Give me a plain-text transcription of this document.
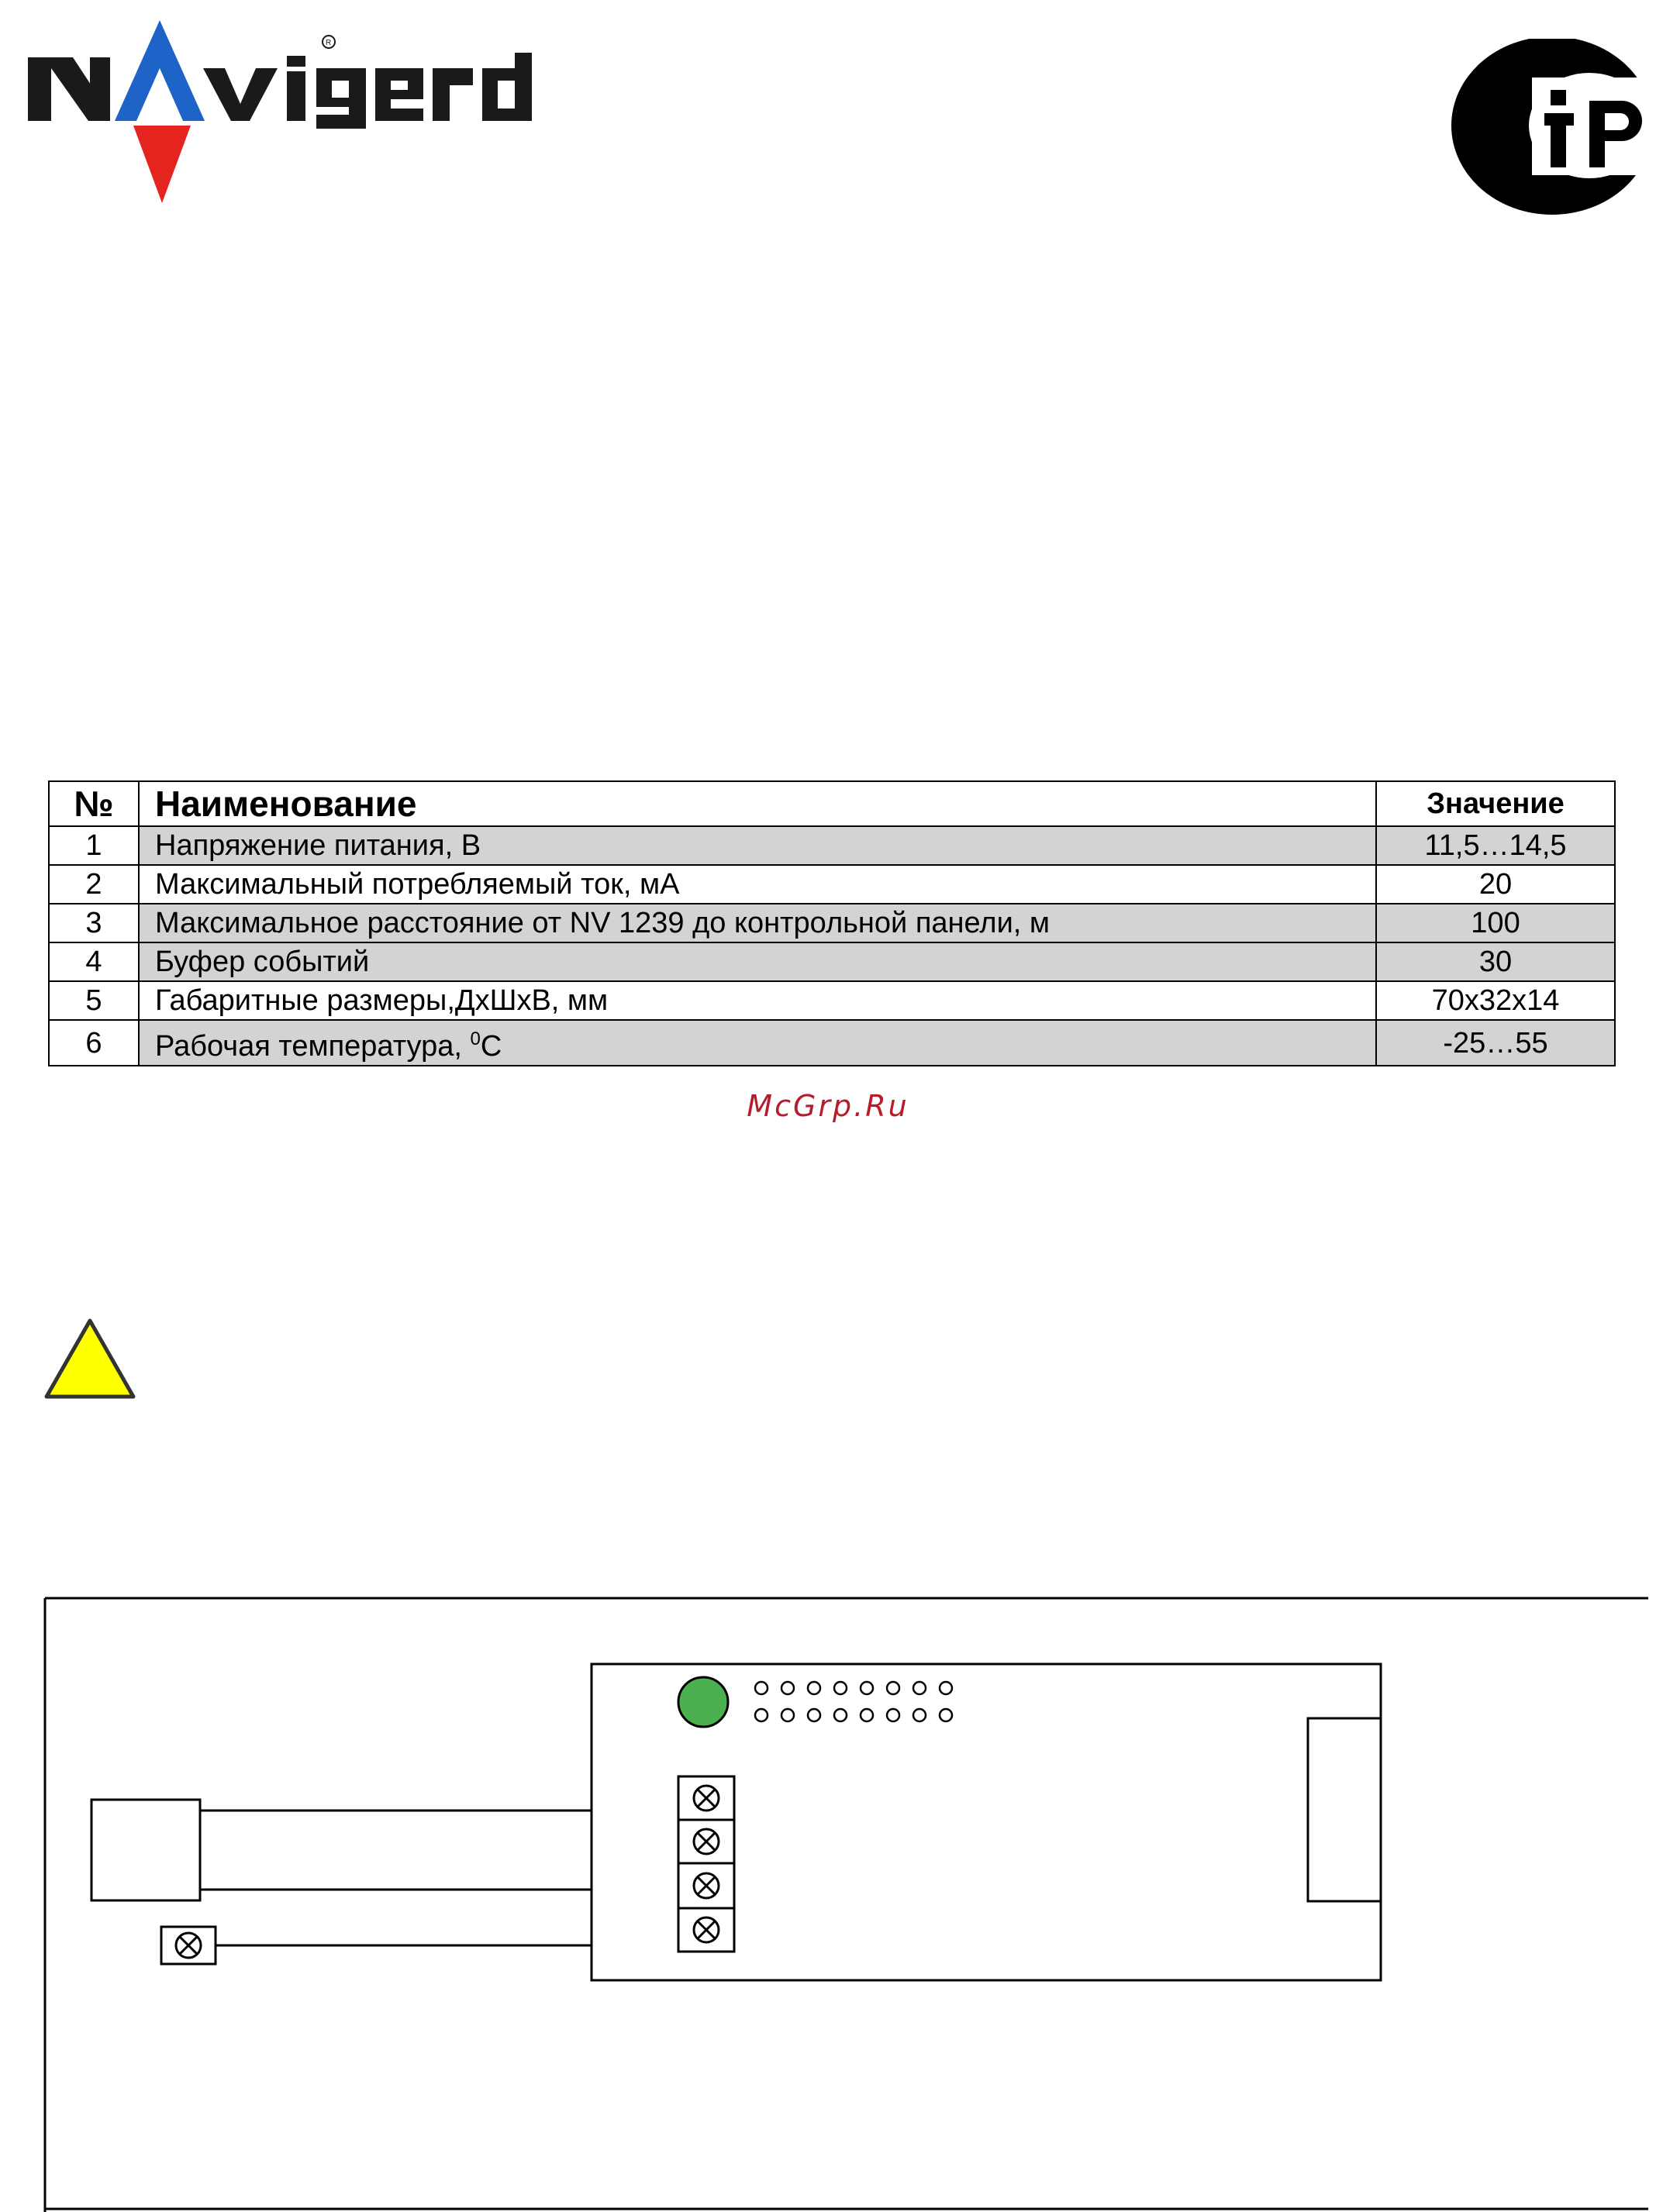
R
№	Наименование	Значение
1	Напряжение питания, В	11,5…14,5
2	Максимальный потребляемый ток, мА	20
3	Максимальное расстояние от NV 1239 до контрольной панели, м	100
4	Буфер событий	30
5	Габаритные размеры,ДхШхВ, мм	70x32x14
6	Рабочая температура, $^0$С	-25…55
McGrp.Ru
